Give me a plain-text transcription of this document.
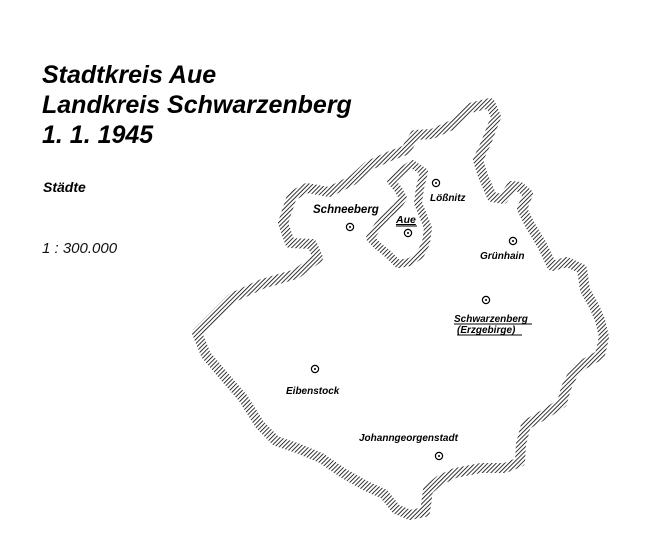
Stadtkreis Aue
Landkreis Schwarzenberg
1. 1. 1945
Städte
1 : 300.000
Schneeberg
Aue
Lößnitz
Grünhain
Schwarzenberg
(Erzgebirge)
Eibenstock
Johanngeorgenstadt
